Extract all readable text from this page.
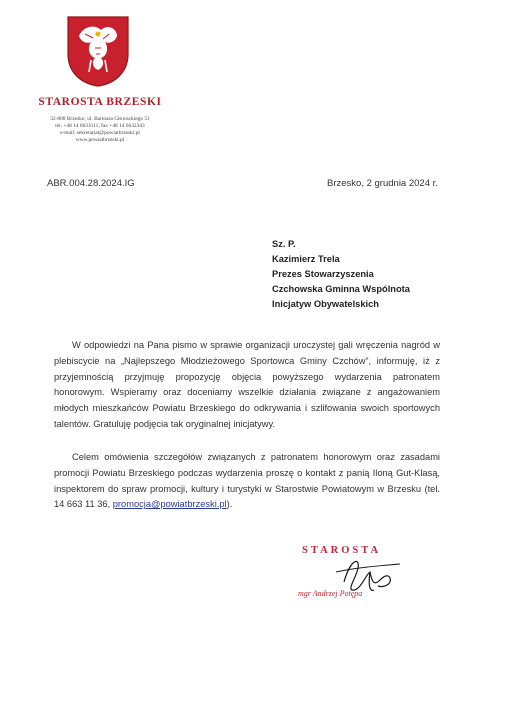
STAROSTA BRZESKI
32-800 Brzesko, ul. Bartosza Głowackiego 51
tel. +48 14 6633111, fax +48 14 6632343
e-mail: sekretariat@powiatbrzeski.pl
www.powiatbrzeski.pl
ABR.004.28.2024.IG	Brzesko, 2 grudnia 2024 r.
Sz. P.
Kazimierz Trela
Prezes Stowarzyszenia
Czchowska Gminna Wspólnota
Inicjatyw Obywatelskich

W odpowiedzi na Pana pismo w sprawie organizacji uroczystej gali wręczenia nagród w plebiscycie na „Najlepszego Młodzieżowego Sportowca Gminy Czchów”, informuję, iż z przyjemnością przyjmuję propozycję objęcia powyższego wydarzenia patronatem honorowym. Wspieramy oraz doceniamy wszelkie działania związane z angażowaniem młodych mieszkańców Powiatu Brzeskiego do odkrywania i szlifowania swoich sportowych talentów. Gratuluję podjęcia tak oryginalnej inicjatywy.

Celem omówienia szczegółów związanych z patronatem honorowym oraz zasadami promocji Powiatu Brzeskiego podczas wydarzenia proszę o kontakt z panią Iloną Gut-Klasą, inspektorem do spraw promocji, kultury i turystyki w Starostwie Powiatowym w Brzesku (tel. 14 663 11 36, promocja@powiatbrzeski.pl).

STAROSTA
mgr Andrzej Potępa
